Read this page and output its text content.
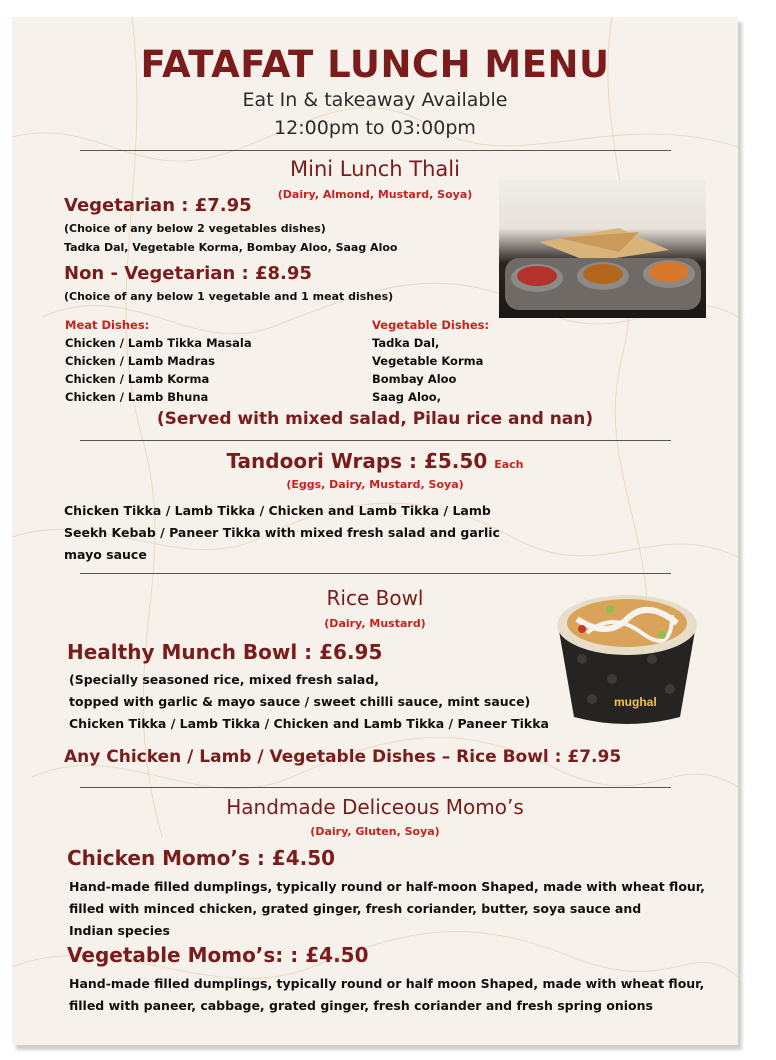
FATAFAT LUNCH MENU
Eat In & takeaway Available
12:00pm to 03:00pm
Mini Lunch Thali
(Dairy, Almond, Mustard, Soya)
Vegetarian : £7.95
(Choice of any below 2 vegetables dishes)
Tadka Dal, Vegetable Korma, Bombay Aloo, Saag Aloo
Non - Vegetarian : £8.95
(Choice of any below 1 vegetable and 1 meat dishes)
Meat Dishes:
Chicken / Lamb Tikka Masala
Chicken / Lamb Madras
Chicken / Lamb Korma
Chicken / Lamb Bhuna
Vegetable Dishes:
Tadka Dal,
Vegetable Korma
Bombay Aloo
Saag Aloo,
(Served with mixed salad, Pilau rice and nan)
Tandoori Wraps : £5.50 Each
(Eggs, Dairy, Mustard, Soya)
Chicken Tikka / Lamb Tikka / Chicken and Lamb Tikka / Lamb
Seekh Kebab / Paneer Tikka with mixed fresh salad and garlic
mayo sauce
Rice Bowl
(Dairy, Mustard)
mughal
Healthy Munch Bowl : £6.95
(Specially seasoned rice, mixed fresh salad,
topped with garlic & mayo sauce / sweet chilli sauce, mint sauce)
Chicken Tikka / Lamb Tikka / Chicken and Lamb Tikka / Paneer Tikka
Any Chicken / Lamb / Vegetable Dishes – Rice Bowl : £7.95
Handmade Deliceous Momo’s
(Dairy, Gluten, Soya)
Chicken Momo’s : £4.50
Hand-made filled dumplings, typically round or half-moon Shaped, made with wheat flour,
filled with minced chicken, grated ginger, fresh coriander, butter, soya sauce and
Indian species
Vegetable Momo’s: : £4.50
Hand-made filled dumplings, typically round or half moon Shaped, made with wheat flour,
filled with paneer, cabbage, grated ginger, fresh coriander and fresh spring onions
